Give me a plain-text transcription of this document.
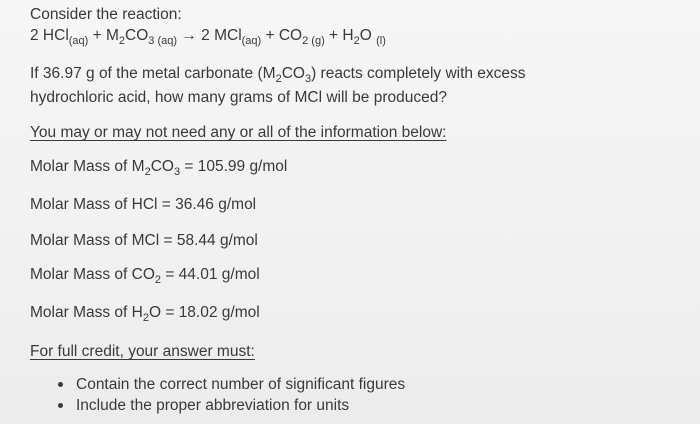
Consider the reaction:
2 $HCl_{(aq)} + M_2CO_{3 (aq)} \to 2$ $MCl_{(aq)} + CO_{2 (g)} + H_2O$ $_{(l)}$
If 36.97 g of the metal carbonate $(M_2CO_3)$ reacts completely with excess
hydrochloric acid, how many grams of MCl will be produced?
You may or may not need any or all of the information below:
Molar Mass of $M_2CO_3 = 105.99$ g/mol
Molar Mass of HCl = 36.46 g/mol
Molar Mass of MCl = 58.44 g/mol
Molar Mass of $CO_2 = 44.01$ g/mol
Molar Mass of $H_2O = 18.02$ g/mol
For full credit, your answer must:
Contain the correct number of significant figures
Include the proper abbreviation for units
